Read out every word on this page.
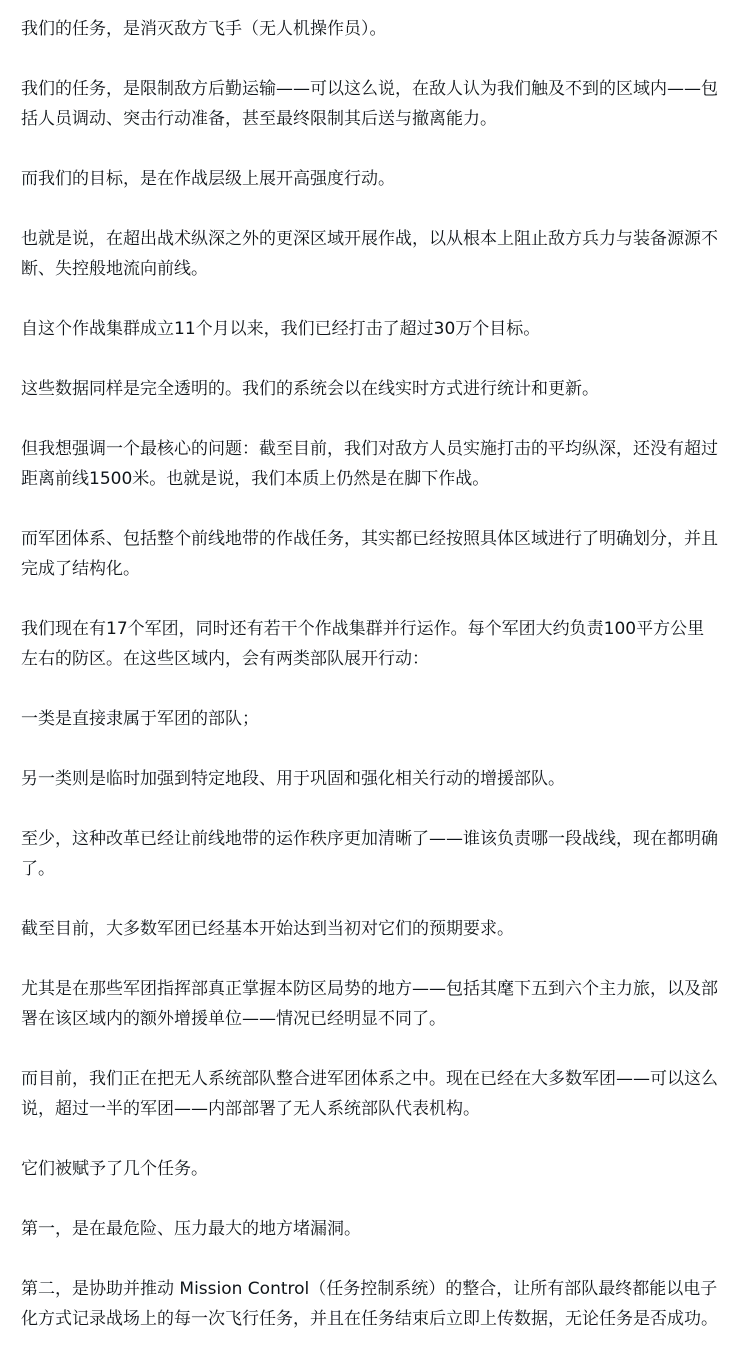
我们的任务，是消灭敌方飞手（无人机操作员）。

我们的任务，是限制敌方后勤运输——可以这么说，在敌人认为我们触及不到的区域内——包括人员调动、突击行动准备，甚至最终限制其后送与撤离能力。

而我们的目标，是在作战层级上展开高强度行动。

也就是说，在超出战术纵深之外的更深区域开展作战，以从根本上阻止敌方兵力与装备源源不断、失控般地流向前线。

自这个作战集群成立11个月以来，我们已经打击了超过30万个目标。

这些数据同样是完全透明的。我们的系统会以在线实时方式进行统计和更新。

但我想强调一个最核心的问题：截至目前，我们对敌方人员实施打击的平均纵深，还没有超过距离前线1500米。也就是说，我们本质上仍然是在脚下作战。

而军团体系、包括整个前线地带的作战任务，其实都已经按照具体区域进行了明确划分，并且完成了结构化。

我们现在有17个军团，同时还有若干个作战集群并行运作。每个军团大约负责100平方公里左右的防区。在这些区域内，会有两类部队展开行动：

一类是直接隶属于军团的部队；

另一类则是临时加强到特定地段、用于巩固和强化相关行动的增援部队。

至少，这种改革已经让前线地带的运作秩序更加清晰了——谁该负责哪一段战线，现在都明确了。

截至目前，大多数军团已经基本开始达到当初对它们的预期要求。

尤其是在那些军团指挥部真正掌握本防区局势的地方——包括其麾下五到六个主力旅，以及部署在该区域内的额外增援单位——情况已经明显不同了。

而目前，我们正在把无人系统部队整合进军团体系之中。现在已经在大多数军团——可以这么说，超过一半的军团——内部部署了无人系统部队代表机构。

它们被赋予了几个任务。

第一，是在最危险、压力最大的地方堵漏洞。

第二，是协助并推动 Mission Control（任务控制系统）的整合，让所有部队最终都能以电子化方式记录战场上的每一次飞行任务，并且在任务结束后立即上传数据，无论任务是否成功。
